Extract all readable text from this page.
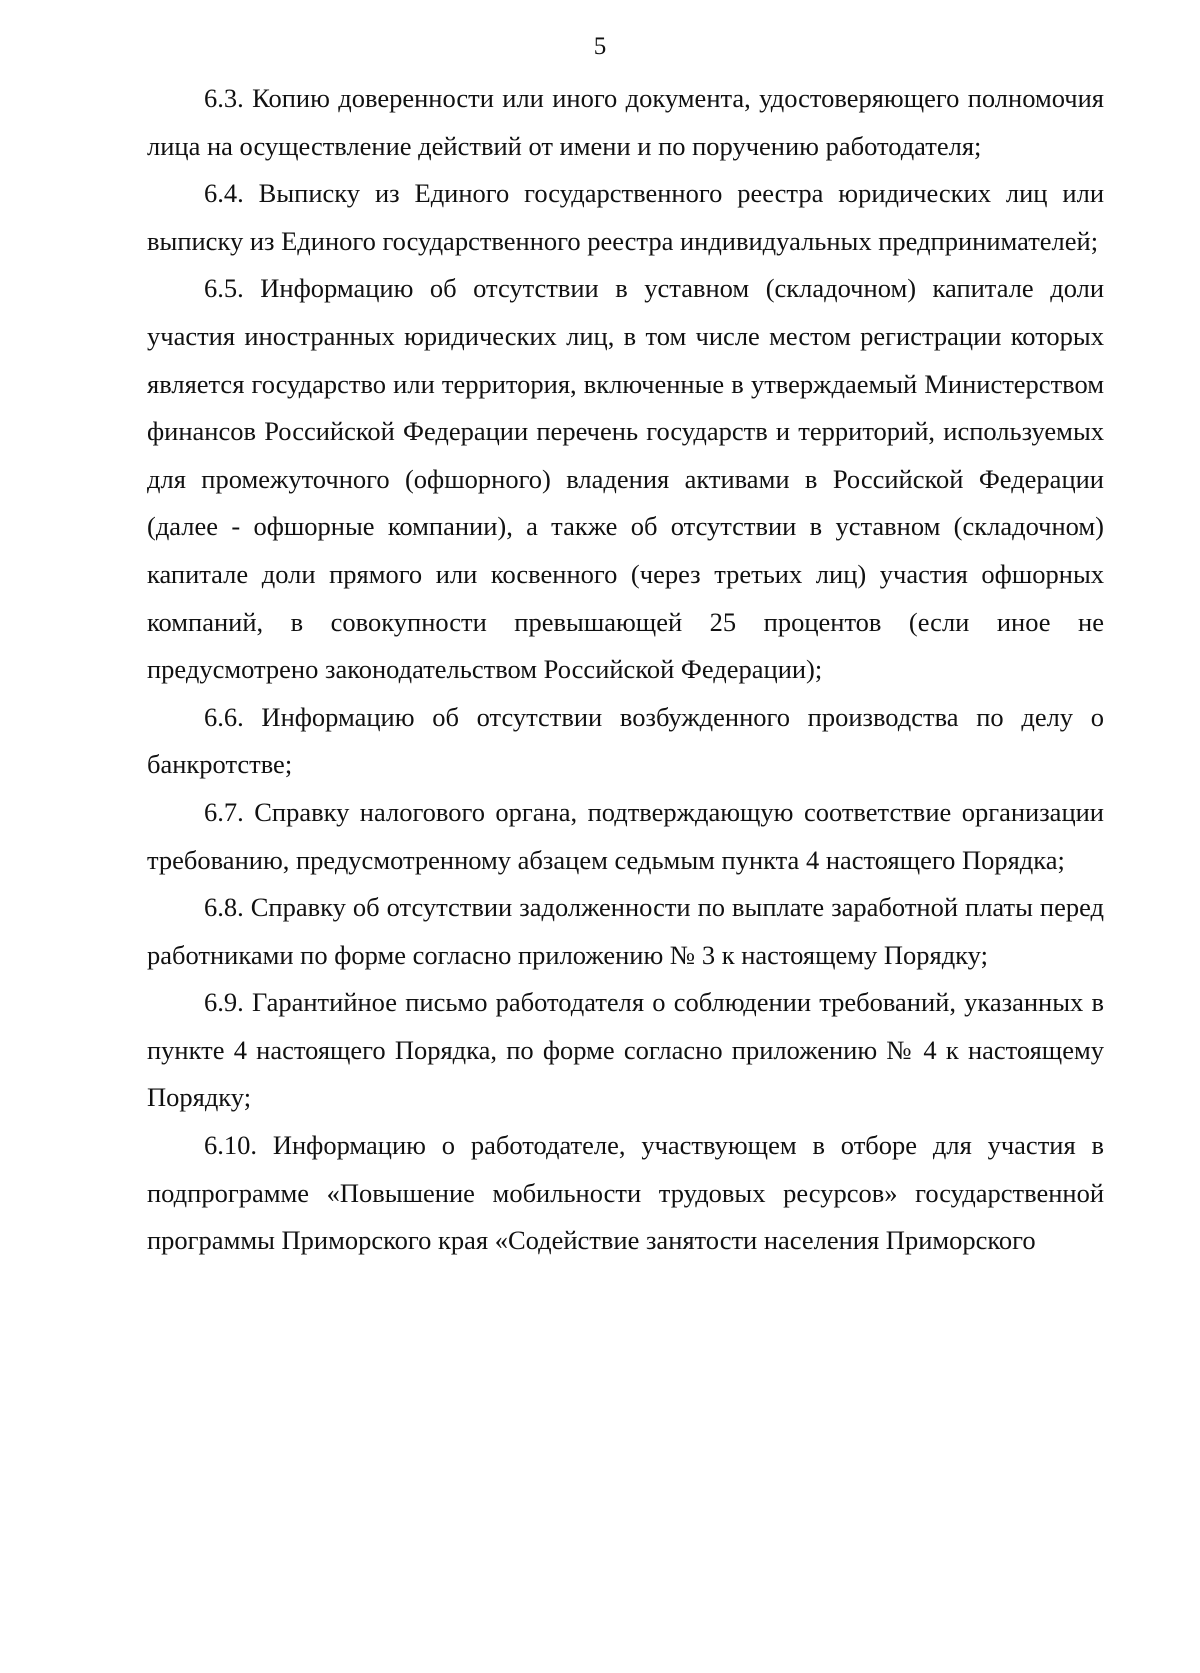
5

6.3. Копию доверенности или иного документа, удостоверяющего полномочия лица на осуществление действий от имени и по поручению работодателя;

6.4. Выписку из Единого государственного реестра юридических лиц или выписку из Единого государственного реестра индивидуальных предпринимателей;

6.5. Информацию об отсутствии в уставном (складочном) капитале доли участия иностранных юридических лиц, в том числе местом регистрации которых является государство или территория, включенные в утверждаемый Министерством финансов Российской Федерации перечень государств и территорий, используемых для промежуточного (офшорного) владения активами в Российской Федерации (далее - офшорные компании), а также об отсутствии в уставном (складочном) капитале доли прямого или косвенного (через третьих лиц) участия офшорных компаний, в совокупности превышающей 25 процентов (если иное не предусмотрено законодательством Российской Федерации);

6.6. Информацию об отсутствии возбужденного производства по делу о банкротстве;

6.7. Справку налогового органа, подтверждающую соответствие организации требованию, предусмотренному абзацем седьмым пункта 4 настоящего Порядка;

6.8. Справку об отсутствии задолженности по выплате заработной платы перед работниками по форме согласно приложению № 3 к настоящему Порядку;

6.9. Гарантийное письмо работодателя о соблюдении требований, указанных в пункте 4 настоящего Порядка, по форме согласно приложению № 4 к настоящему Порядку;

6.10. Информацию о работодателе, участвующем в отборе для участия в подпрограмме «Повышение мобильности трудовых ресурсов» государственной программы Приморского края «Содействие занятости населения Приморского
